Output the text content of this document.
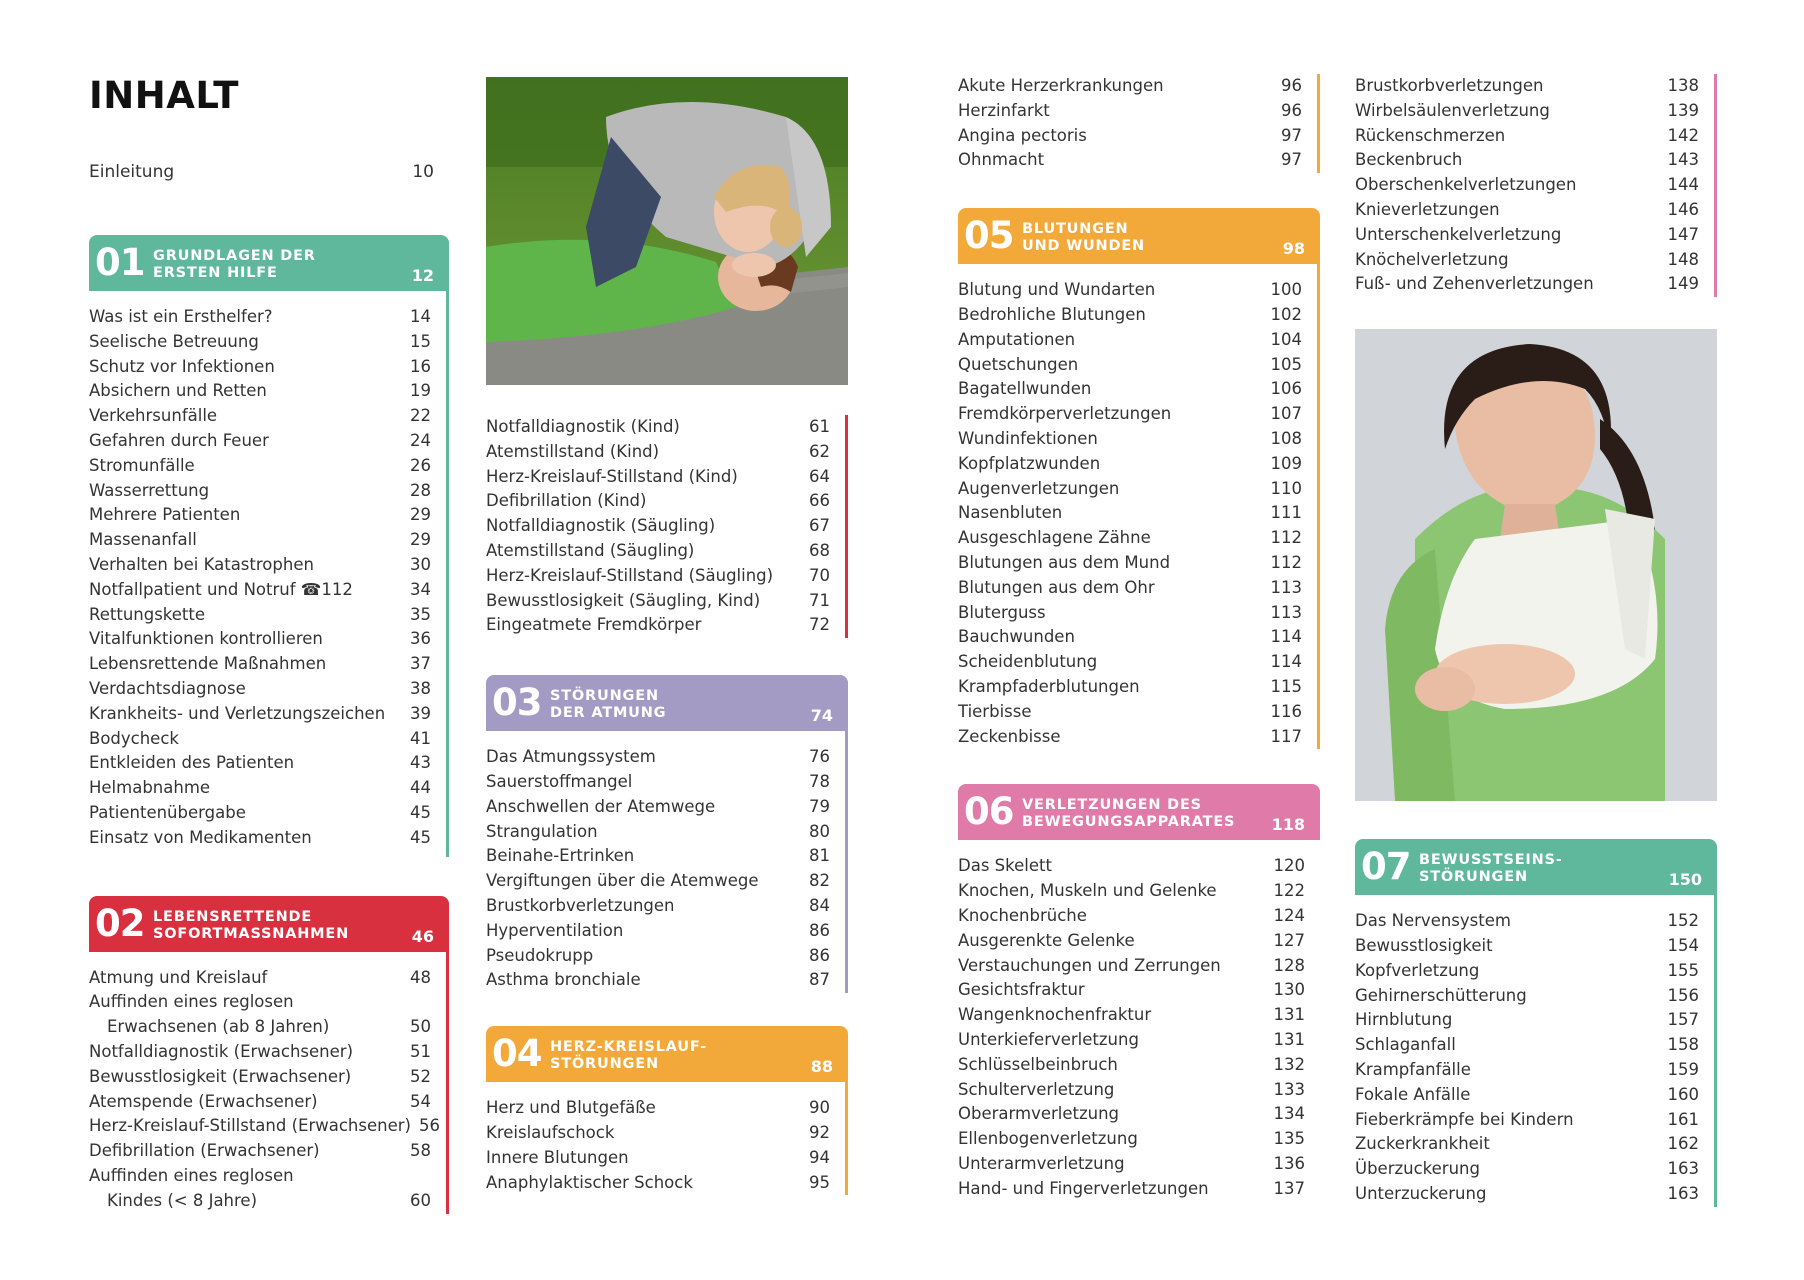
INHALT
Einleitung	10
01 GRUNDLAGEN DER
ERSTEN HILFE	12
Was ist ein Ersthelfer?	14
Seelische Betreuung	15
Schutz vor Infektionen	16
Absichern und Retten	19
Verkehrsunfälle	22
Gefahren durch Feuer	24
Stromunfälle	26
Wasserrettung	28
Mehrere Patienten	29
Massenanfall	29
Verhalten bei Katastrophen	30
Notfallpatient und Notruf ☎112	34
Rettungskette	35
Vitalfunktionen kontrollieren	36
Lebensrettende Maßnahmen	37
Verdachtsdiagnose	38
Krankheits- und Verletzungszeichen	39
Bodycheck	41
Entkleiden des Patienten	43
Helmabnahme	44
Patientenübergabe	45
Einsatz von Medikamenten	45
02 LEBENSRETTENDE
SOFORTMASSNAHMEN	46
Atmung und Kreislauf	48
Auffinden eines reglosen
Erwachsenen (ab 8 Jahren)	50
Notfalldiagnostik (Erwachsener)	51
Bewusstlosigkeit (Erwachsener)	52
Atemspende (Erwachsener)	54
Herz-Kreislauf-Stillstand (Erwachsener) 56
Defibrillation (Erwachsener)	58
Auffinden eines reglosen
Kindes (< 8 Jahre)	60
Notfalldiagnostik (Kind)	61
Atemstillstand (Kind)	62
Herz-Kreislauf-Stillstand (Kind)	64
Defibrillation (Kind)	66
Notfalldiagnostik (Säugling)	67
Atemstillstand (Säugling)	68
Herz-Kreislauf-Stillstand (Säugling)	70
Bewusstlosigkeit (Säugling, Kind)	71
Eingeatmete Fremdkörper	72
03 STÖRUNGEN
DER ATMUNG	74
Das Atmungssystem	76
Sauerstoffmangel	78
Anschwellen der Atemwege	79
Strangulation	80
Beinahe-Ertrinken	81
Vergiftungen über die Atemwege	82
Brustkorbverletzungen	84
Hyperventilation	86
Pseudokrupp	86
Asthma bronchiale	87
04 HERZ-KREISLAUF-
STÖRUNGEN	88
Herz und Blutgefäße	90
Kreislaufschock	92
Innere Blutungen	94
Anaphylaktischer Schock	95
Akute Herzerkrankungen	96
Herzinfarkt	96
Angina pectoris	97
Ohnmacht	97
05 BLUTUNGEN
UND WUNDEN	98
Blutung und Wundarten	100
Bedrohliche Blutungen	102
Amputationen	104
Quetschungen	105
Bagatellwunden	106
Fremdkörperverletzungen	107
Wundinfektionen	108
Kopfplatzwunden	109
Augenverletzungen	110
Nasenbluten	111
Ausgeschlagene Zähne	112
Blutungen aus dem Mund	112
Blutungen aus dem Ohr	113
Bluterguss	113
Bauchwunden	114
Scheidenblutung	114
Krampfaderblutungen	115
Tierbisse	116
Zeckenbisse	117
06 VERLETZUNGEN DES
BEWEGUNGSAPPARATES 118
Das Skelett	120
Knochen, Muskeln und Gelenke	122
Knochenbrüche	124
Ausgerenkte Gelenke	127
Verstauchungen und Zerrungen	128
Gesichtsfraktur	130
Wangenknochenfraktur	131
Unterkieferverletzung	131
Schlüsselbeinbruch	132
Schulterverletzung	133
Oberarmverletzung	134
Ellenbogenverletzung	135
Unterarmverletzung	136
Hand- und Fingerverletzungen	137
Brustkorbverletzungen	138
Wirbelsäulenverletzung	139
Rückenschmerzen	142
Beckenbruch	143
Oberschenkelverletzungen	144
Knieverletzungen	146
Unterschenkelverletzung	147
Knöchelverletzung	148
Fuß- und Zehenverletzungen	149
07 BEWUSSTSEINS-
STÖRUNGEN	150
Das Nervensystem	152
Bewusstlosigkeit	154
Kopfverletzung	155
Gehirnerschütterung	156
Hirnblutung	157
Schlaganfall	158
Krampfanfälle	159
Fokale Anfälle	160
Fieberkrämpfe bei Kindern	161
Zuckerkrankheit	162
Überzuckerung	163
Unterzuckerung	163
